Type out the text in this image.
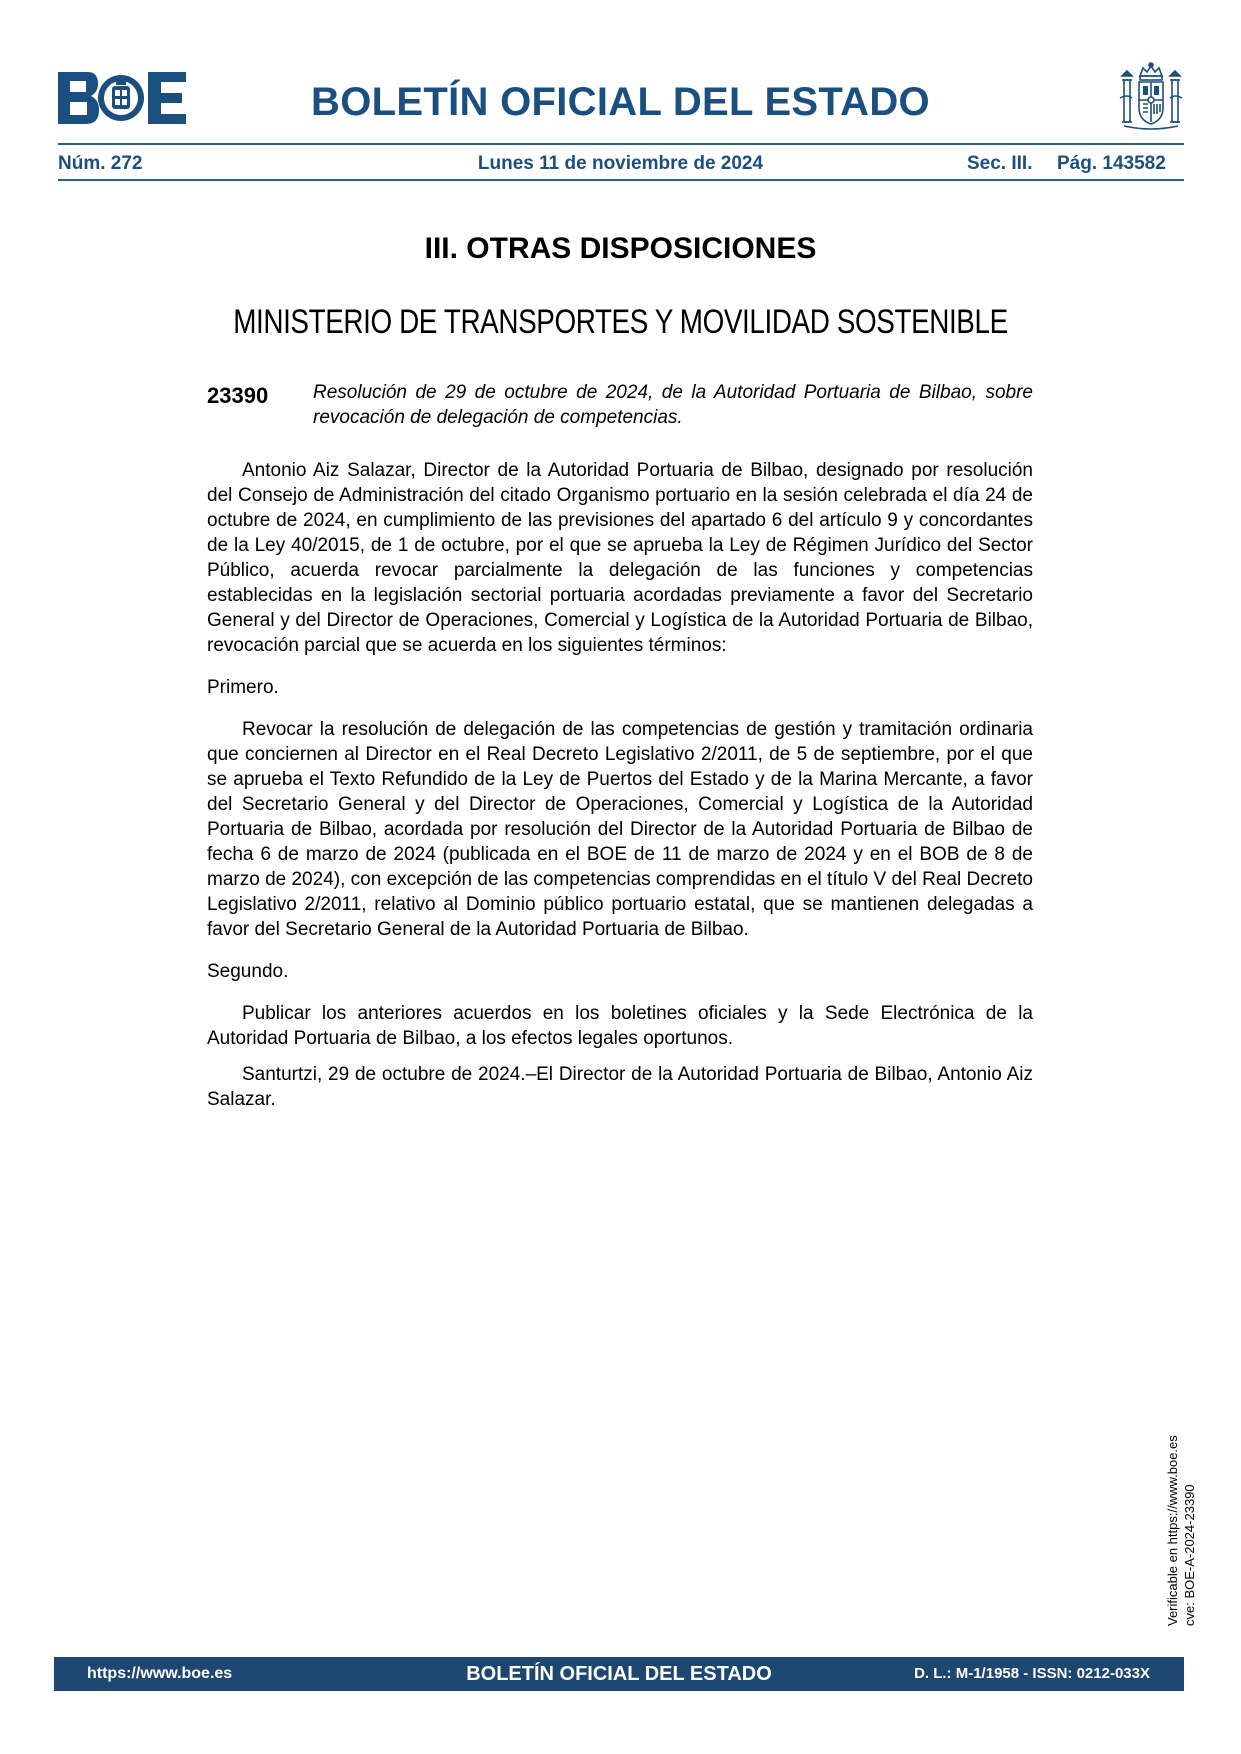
BOLETÍN OFICIAL DEL ESTADO
Núm. 272	Lunes 11 de noviembre de 2024	Sec. III. Pág. 143582
III. OTRAS DISPOSICIONES
MINISTERIO DE TRANSPORTES Y MOVILIDAD SOSTENIBLE
23390 Resolución de 29 de octubre de 2024, de la Autoridad Portuaria de Bilbao, sobre revocación de delegación de competencias.

Antonio Aiz Salazar, Director de la Autoridad Portuaria de Bilbao, designado por resolución del Consejo de Administración del citado Organismo portuario en la sesión celebrada el día 24 de octubre de 2024, en cumplimiento de las previsiones del apartado 6 del artículo 9 y concordantes de la Ley 40/2015, de 1 de octubre, por el que se aprueba la Ley de Régimen Jurídico del Sector Público, acuerda revocar parcialmente la delegación de las funciones y competencias establecidas en la legislación sectorial portuaria acordadas previamente a favor del Secretario General y del Director de Operaciones, Comercial y Logística de la Autoridad Portuaria de Bilbao, revocación parcial que se acuerda en los siguientes términos:

Primero.

Revocar la resolución de delegación de las competencias de gestión y tramitación ordinaria que conciernen al Director en el Real Decreto Legislativo 2/2011, de 5 de septiembre, por el que se aprueba el Texto Refundido de la Ley de Puertos del Estado y de la Marina Mercante, a favor del Secretario General y del Director de Operaciones, Comercial y Logística de la Autoridad Portuaria de Bilbao, acordada por resolución del Director de la Autoridad Portuaria de Bilbao de fecha 6 de marzo de 2024 (publicada en el BOE de 11 de marzo de 2024 y en el BOB de 8 de marzo de 2024), con excepción de las competencias comprendidas en el título V del Real Decreto Legislativo 2/2011, relativo al Dominio público portuario estatal, que se mantienen delegadas a favor del Secretario General de la Autoridad Portuaria de Bilbao.

Segundo.

Publicar los anteriores acuerdos en los boletines oficiales y la Sede Electrónica de la Autoridad Portuaria de Bilbao, a los efectos legales oportunos.

Santurtzi, 29 de octubre de 2024.–El Director de la Autoridad Portuaria de Bilbao, Antonio Aiz Salazar.

Verificable en https://www.boe.es cve: BOE-A-2024-23390
https://www.boe.es	BOLETÍN OFICIAL DEL ESTADO	D. L.: M-1/1958 - ISSN: 0212-033X
